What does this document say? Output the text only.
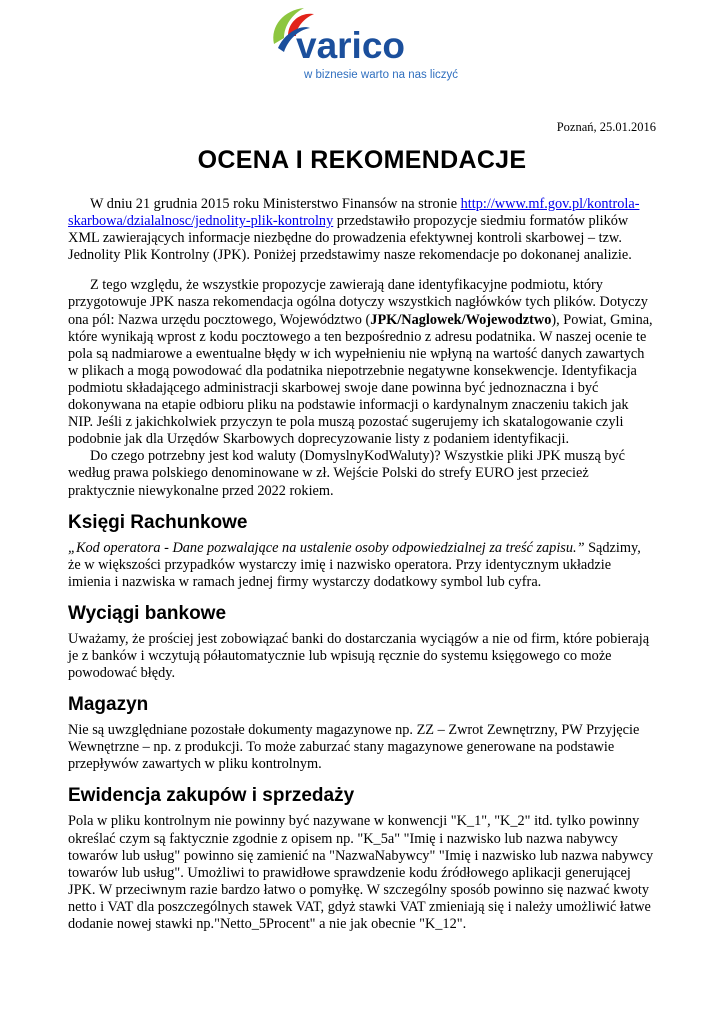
varico
w biznesie warto na nas liczyć
Poznań, 25.01.2016
OCENA I REKOMENDACJE

W dniu 21 grudnia 2015 roku Ministerstwo Finansów na stronie http://www.mf.gov.pl/kontrola-skarbowa/dzialalnosc/jednolity-plik-kontrolny przedstawiło propozycje siedmiu formatów plików XML zawierających informacje niezbędne do prowadzenia efektywnej kontroli skarbowej – tzw. Jednolity Plik Kontrolny (JPK). Poniżej przedstawimy nasze rekomendacje po dokonanej analizie.

Z tego względu, że wszystkie propozycje zawierają dane identyfikacyjne podmiotu, który przygotowuje JPK nasza rekomendacja ogólna dotyczy wszystkich nagłówków tych plików. Dotyczy ona pól: Nazwa urzędu pocztowego, Województwo (JPK/Naglowek/Wojewodztwo), Powiat, Gmina, które wynikają wprost z kodu pocztowego a ten bezpośrednio z adresu podatnika. W naszej ocenie te pola są nadmiarowe a ewentualne błędy w ich wypełnieniu nie wpłyną na wartość danych zawartych w plikach a mogą powodować dla podatnika niepotrzebnie negatywne konsekwencje. Identyfikacja podmiotu składającego administracji skarbowej swoje dane powinna być jednoznaczna i być dokonywana na etapie odbioru pliku na podstawie informacji o kardynalnym znaczeniu takich jak NIP. Jeśli z jakichkolwiek przyczyn te pola muszą pozostać sugerujemy ich skatalogowanie czyli podobnie jak dla Urzędów Skarbowych doprecyzowanie listy z podaniem identyfikacji.

Do czego potrzebny jest kod waluty (DomyslnyKodWaluty)? Wszystkie pliki JPK muszą być według prawa polskiego denominowane w zł. Wejście Polski do strefy EURO jest przecież praktycznie niewykonalne przed 2022 rokiem.

Księgi Rachunkowe

„Kod operatora - Dane pozwalające na ustalenie osoby odpowiedzialnej za treść zapisu.” Sądzimy, że w większości przypadków wystarczy imię i nazwisko operatora. Przy identycznym układzie imienia i nazwiska w ramach jednej firmy wystarczy dodatkowy symbol lub cyfra.

Wyciągi bankowe

Uważamy, że prościej jest zobowiązać banki do dostarczania wyciągów a nie od firm, które pobierają je z banków i wczytują półautomatycznie lub wpisują ręcznie do systemu księgowego co może powodować błędy.

Magazyn

Nie są uwzględniane pozostałe dokumenty magazynowe np. ZZ – Zwrot Zewnętrzny, PW Przyjęcie Wewnętrzne – np. z produkcji. To może zaburzać stany magazynowe generowane na podstawie przepływów zawartych w pliku kontrolnym.

Ewidencja zakupów i sprzedaży

Pola w pliku kontrolnym nie powinny być nazywane w konwencji "K_1", "K_2" itd. tylko powinny określać czym są faktycznie zgodnie z opisem np. "K_5a" "Imię i nazwisko lub nazwa nabywcy towarów lub usług" powinno się zamienić na "NazwaNabywcy" "Imię i nazwisko lub nazwa nabywcy towarów lub usług". Umożliwi to prawidłowe sprawdzenie kodu źródłowego aplikacji generującej JPK. W przeciwnym razie bardzo łatwo o pomyłkę. W szczególny sposób powinno się nazwać kwoty netto i VAT dla poszczególnych stawek VAT, gdyż stawki VAT zmieniają się i należy umożliwić łatwe dodanie nowej stawki np."Netto_5Procent" a nie jak obecnie "K_12".
